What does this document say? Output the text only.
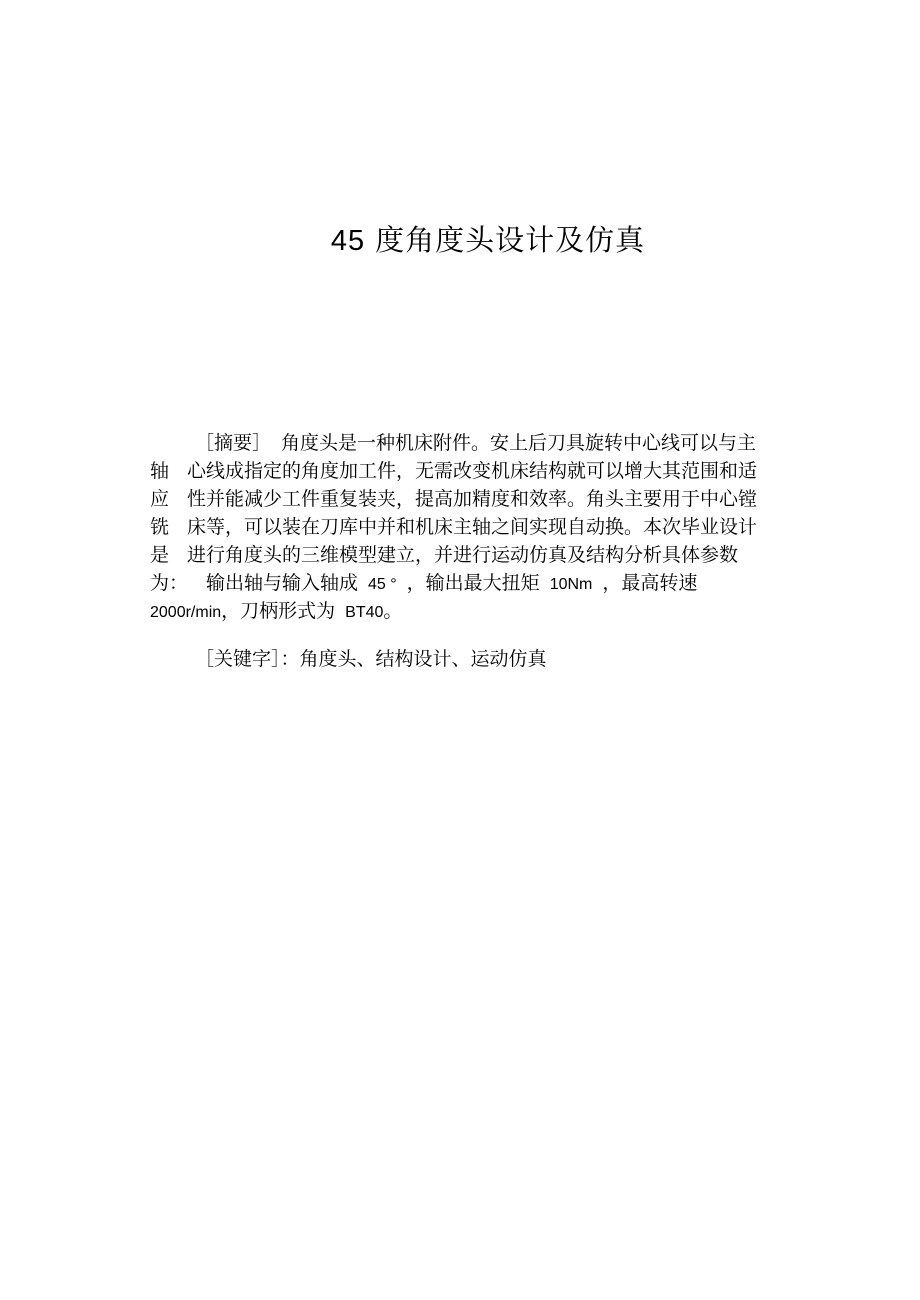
45 度角度头设计及仿真

［摘要］ 角度头是一种机床附件。安上后刀具旋转中心线可以与主

轴 心线成指定的角度加工件，无需改变机床结构就可以增大其范围和适

应 性并能减少工件重复装夹，提高加精度和效率。角头主要用于中心镗

铣 床等，可以装在刀库中并和机床主轴之间实现自动换。本次毕业设计

是 进行角度头的三维模型建立，并进行运动仿真及结构分析具体参数

为： 输出轴与输入轴成 45 ° ，输出最大扭矩 10Nm ，最高转速

2000r/min，刀柄形式为 BT40。

［关键字］：角度头、结构设计、运动仿真
